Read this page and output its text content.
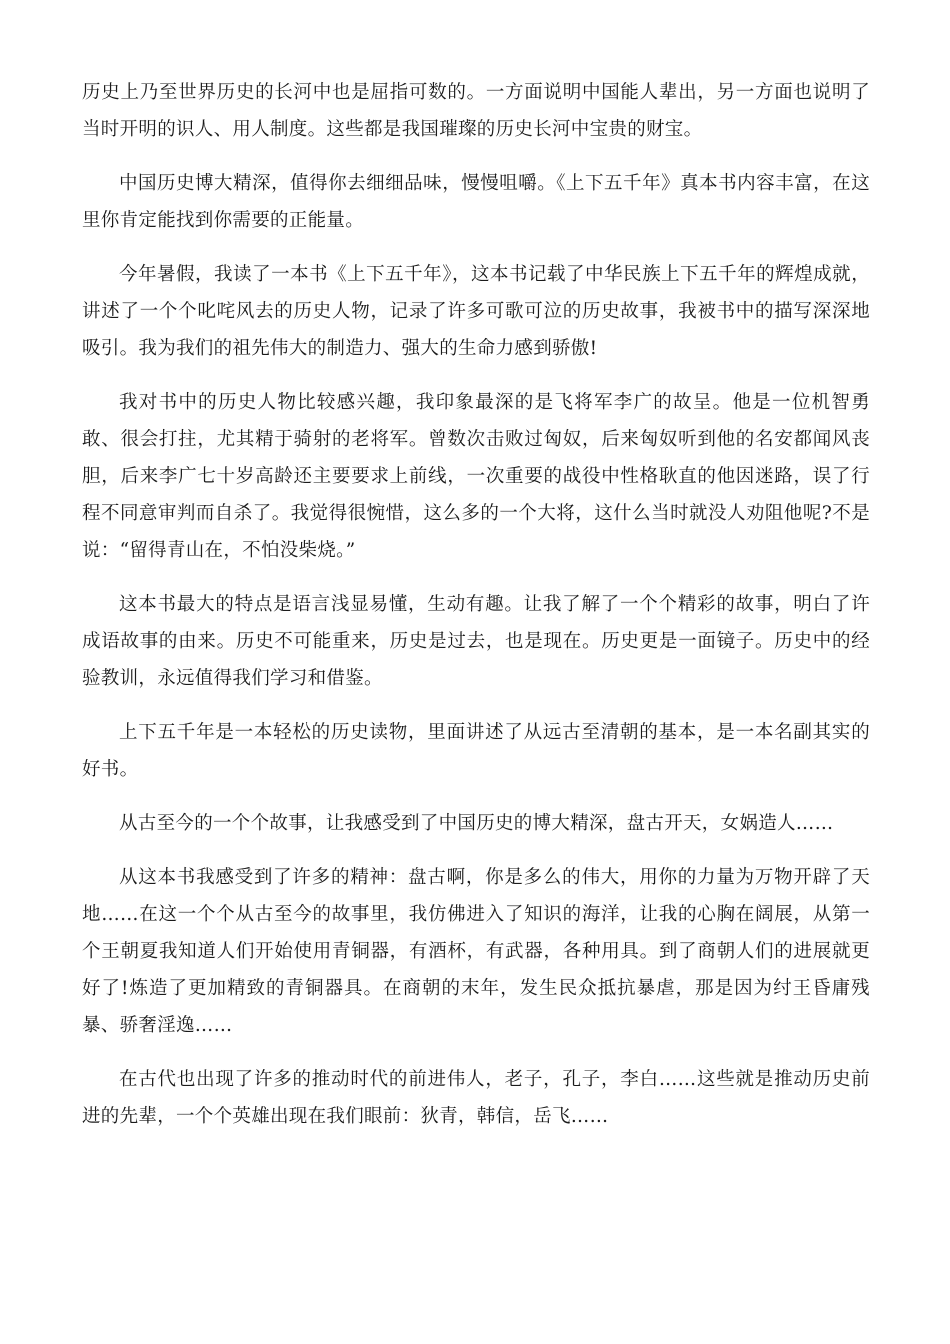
历史上乃至世界历史的长河中也是屈指可数的。一方面说明中国能人辈出，另一方面也说明了当时开明的识人、用人制度。这些都是我国璀璨的历史长河中宝贵的财宝。

中国历史博大精深，值得你去细细品味，慢慢咀嚼。《上下五千年》真本书内容丰富，在这里你肯定能找到你需要的正能量。

今年暑假，我读了一本书《上下五千年》，这本书记载了中华民族上下五千年的辉煌成就，讲述了一个个叱咤风去的历史人物，记录了许多可歌可泣的历史故事，我被书中的描写深深地吸引。我为我们的祖先伟大的制造力、强大的生命力感到骄傲!

我对书中的历史人物比较感兴趣，我印象最深的是飞将军李广的故呈。他是一位机智勇敢、很会打拄，尤其精于骑射的老将军。曾数次击败过匈奴，后来匈奴听到他的名安都闻风丧胆，后来李广七十岁高龄还主要要求上前线，一次重要的战役中性格耿直的他因迷路，误了行程不同意审判而自杀了。我觉得很惋惜，这么多的一个大将，这什么当时就没人劝阻他呢?不是说：“留得青山在，不怕没柴烧。”

这本书最大的特点是语言浅显易懂，生动有趣。让我了解了一个个精彩的故事，明白了许成语故事的由来。历史不可能重来，历史是过去，也是现在。历史更是一面镜子。历史中的经验教训，永远值得我们学习和借鉴。

上下五千年是一本轻松的历史读物，里面讲述了从远古至清朝的基本，是一本名副其实的好书。

从古至今的一个个故事，让我感受到了中国历史的博大精深，盘古开天，女娲造人……

从这本书我感受到了许多的精神：盘古啊，你是多么的伟大，用你的力量为万物开辟了天地……在这一个个从古至今的故事里，我仿佛进入了知识的海洋，让我的心胸在阔展，从第一个王朝夏我知道人们开始使用青铜器，有酒杯，有武器，各种用具。到了商朝人们的进展就更好了!炼造了更加精致的青铜器具。在商朝的末年，发生民众抵抗暴虐，那是因为纣王昏庸残暴、骄奢淫逸……

在古代也出现了许多的推动时代的前进伟人，老子，孔子，李白……这些就是推动历史前进的先辈，一个个英雄出现在我们眼前：狄青，韩信，岳飞……
